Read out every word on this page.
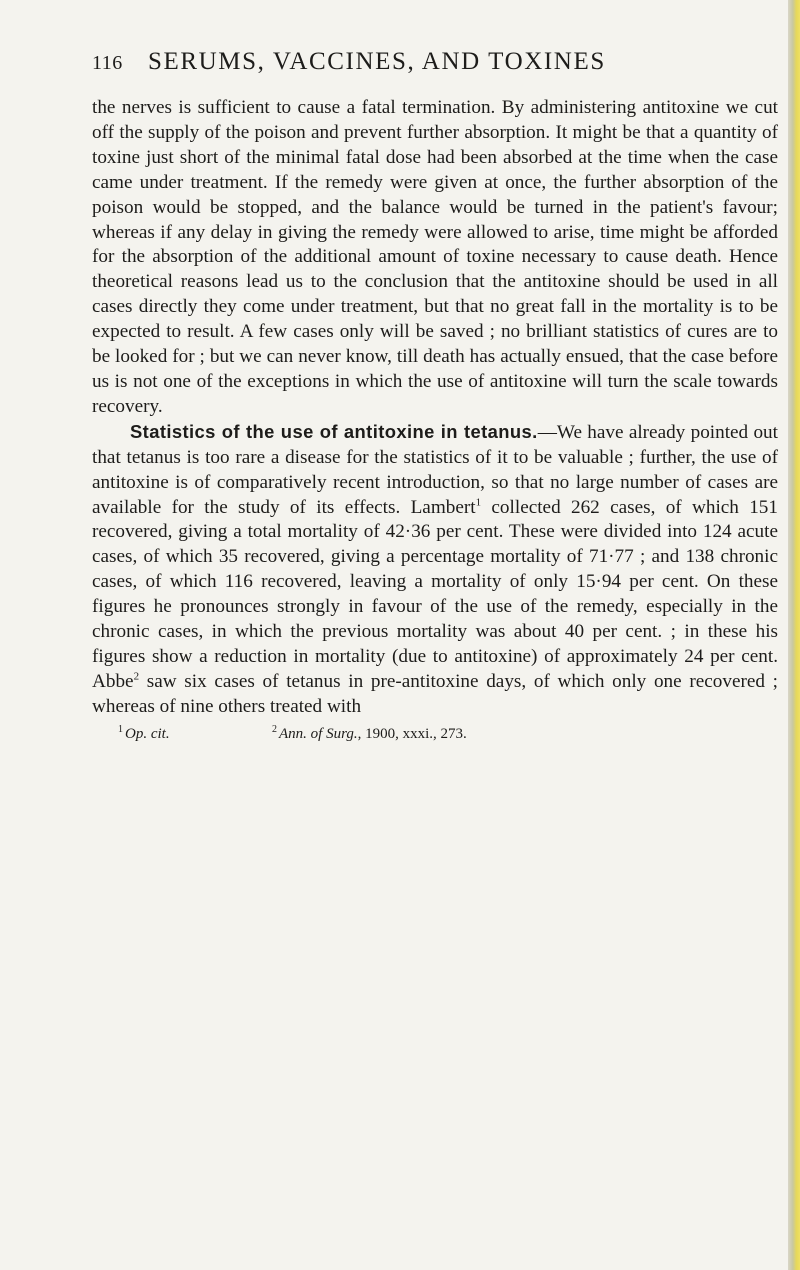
116 SERUMS, VACCINES, AND TOXINES

the nerves is sufficient to cause a fatal termination. By administering antitoxine we cut off the supply of the poison and prevent further absorption. It might be that a quantity of toxine just short of the minimal fatal dose had been absorbed at the time when the case came under treatment. If the remedy were given at once, the further absorption of the poison would be stopped, and the balance would be turned in the patient's favour; whereas if any delay in giving the remedy were allowed to arise, time might be afforded for the absorption of the additional amount of toxine necessary to cause death. Hence theoretical reasons lead us to the conclusion that the antitoxine should be used in all cases directly they come under treatment, but that no great fall in the mortality is to be expected to result. A few cases only will be saved ; no brilliant statistics of cures are to be looked for ; but we can never know, till death has actually ensued, that the case before us is not one of the exceptions in which the use of antitoxine will turn the scale towards recovery.

Statistics of the use of antitoxine in tetanus.—We have already pointed out that tetanus is too rare a disease for the statistics of it to be valuable ; further, the use of antitoxine is of comparatively recent introduction, so that no large number of cases are available for the study of its effects. Lambert$^1$ collected 262 cases, of which 151 recovered, giving a total mortality of 42·36 per cent. These were divided into 124 acute cases, of which 35 recovered, giving a percentage mortality of 71·77 ; and 138 chronic cases, of which 116 recovered, leaving a mortality of only 15·94 per cent. On these figures he pronounces strongly in favour of the use of the remedy, especially in the chronic cases, in which the previous mortality was about 40 per cent. ; in these his figures show a reduction in mortality (due to antitoxine) of approximately 24 per cent. Abbe$^2$ saw six cases of tetanus in pre-antitoxine days, of which only one recovered ; whereas of nine others treated with

$^1$ Op. cit.	$^2$ Ann. of Surg., 1900, xxxi., 273.
